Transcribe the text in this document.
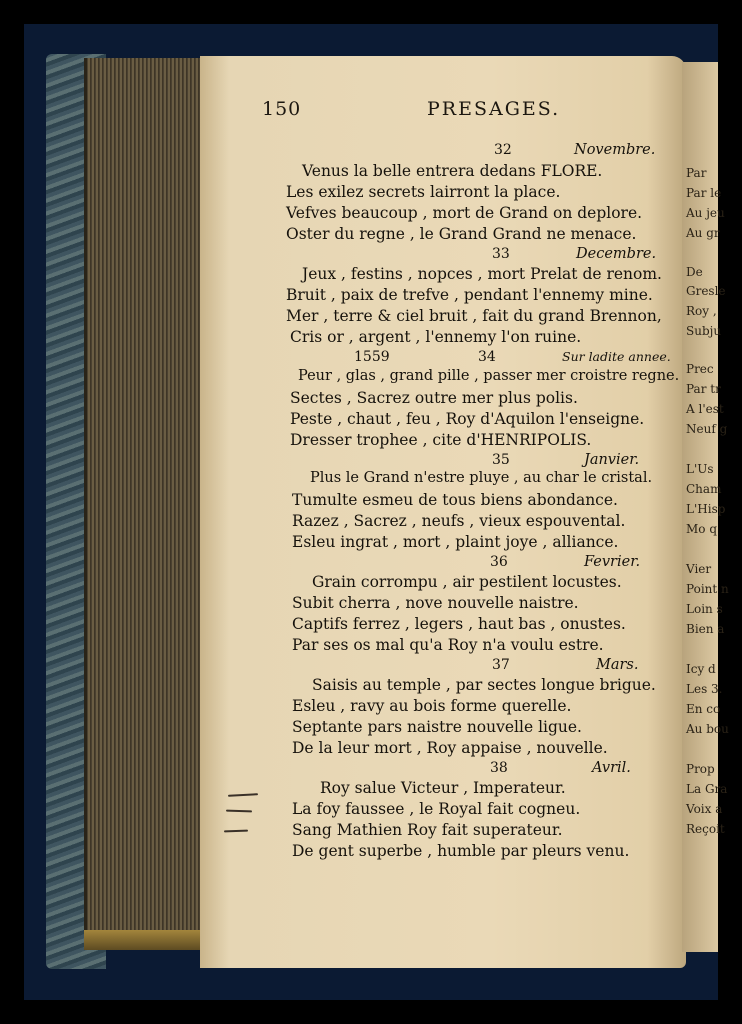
Par
Par le
Au jeu
Au gr
De
Gresle
Roy ,
Subju
Prec
Par tr
A l'est
Neuf g
L'Us
Cham
L'Hisp
Mo q
Vier
Point n
Loin s
Bien a
Icy d
Les 3.
En co
Au bou
Prop
La Gra
Voix a
Reçoit
150	PRESAGES.
32	Novembre.
Venus la belle entrera dedans FLORE.
Les exilez secrets lairront la place.
Vefves beaucoup , mort de Grand on deplore.
Oster du regne , le Grand Grand ne menace.
33	Decembre.
Jeux , festins , nopces , mort Prelat de renom.
Bruit , paix de trefve , pendant l'ennemy mine.
Mer , terre & ciel bruit , fait du grand Brennon,
Cris or , argent , l'ennemy l'on ruine.
1559	34	Sur ladite annee.
Peur , glas , grand pille , passer mer croistre regne.
Sectes , Sacrez outre mer plus polis.
Peste , chaut , feu , Roy d'Aquilon l'enseigne.
Dresser trophee , cite d'HENRIPOLIS.
35	Janvier.
Plus le Grand n'estre pluye , au char le cristal.
Tumulte esmeu de tous biens abondance.
Razez , Sacrez , neufs , vieux espouvental.
Esleu ingrat , mort , plaint joye , alliance.
36	Fevrier.
Grain corrompu , air pestilent locustes.
Subit cherra , nove nouvelle naistre.
Captifs ferrez , legers , haut bas , onustes.
Par ses os mal qu'a Roy n'a voulu estre.
37	Mars.
Saisis au temple , par sectes longue brigue.
Esleu , ravy au bois forme querelle.
Septante pars naistre nouvelle ligue.
De la leur mort , Roy appaise , nouvelle.
38	Avril.
Roy salue Victeur , Imperateur.
La foy faussee , le Royal fait cogneu.
Sang Mathien Roy fait superateur.
De gent superbe , humble par pleurs venu.
